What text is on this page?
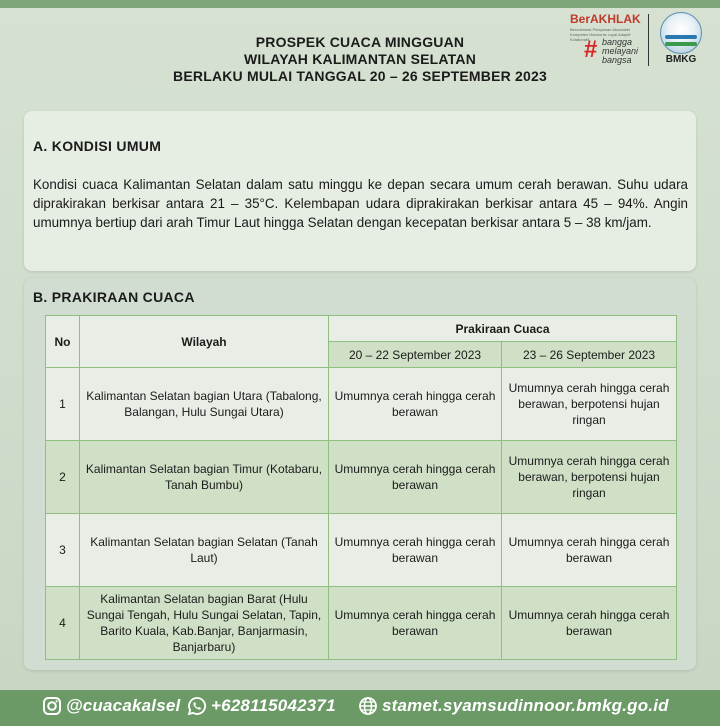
BerAKHLAK
Berorientasi Pelayanan Akuntabel Kompeten Harmonis Loyal Adaptif Kolaboratif
# bangga melayani bangsa	BMKG
PROSPEK CUACA MINGGUAN
WILAYAH KALIMANTAN SELATAN
BERLAKU MULAI TANGGAL 20 – 26 SEPTEMBER 2023
A. KONDISI UMUM
Kondisi cuaca Kalimantan Selatan dalam satu minggu ke depan secara umum cerah berawan. Suhu udara diprakirakan berkisar antara 21 – 35°C. Kelembapan udara diprakirakan berkisar antara 45 – 94%. Angin umumnya bertiup dari arah Timur Laut hingga Selatan dengan kecepatan berkisar antara 5 – 38 km/jam.
B. PRAKIRAAN CUACA
No	Wilayah	Prakiraan Cuaca	
		20 – 22 September 2023	23 – 26 September 2023
1	Kalimantan Selatan bagian Utara (Tabalong, Balangan, Hulu Sungai Utara)	Umumnya cerah hingga cerah berawan	Umumnya cerah hingga cerah berawan, berpotensi hujan ringan
2	Kalimantan Selatan bagian Timur (Kotabaru, Tanah Bumbu)	Umumnya cerah hingga cerah berawan	Umumnya cerah hingga cerah berawan, berpotensi hujan ringan
3	Kalimantan Selatan bagian Selatan (Tanah Laut)	Umumnya cerah hingga cerah berawan	Umumnya cerah hingga cerah berawan
4	Kalimantan Selatan bagian Barat (Hulu Sungai Tengah, Hulu Sungai Selatan, Tapin, Barito Kuala, Kab.Banjar, Banjarmasin, Banjarbaru)	Umumnya cerah hingga cerah berawan	Umumnya cerah hingga cerah berawan
@cuacakalsel +628115042371	stamet.syamsudinnoor.bmkg.go.id
